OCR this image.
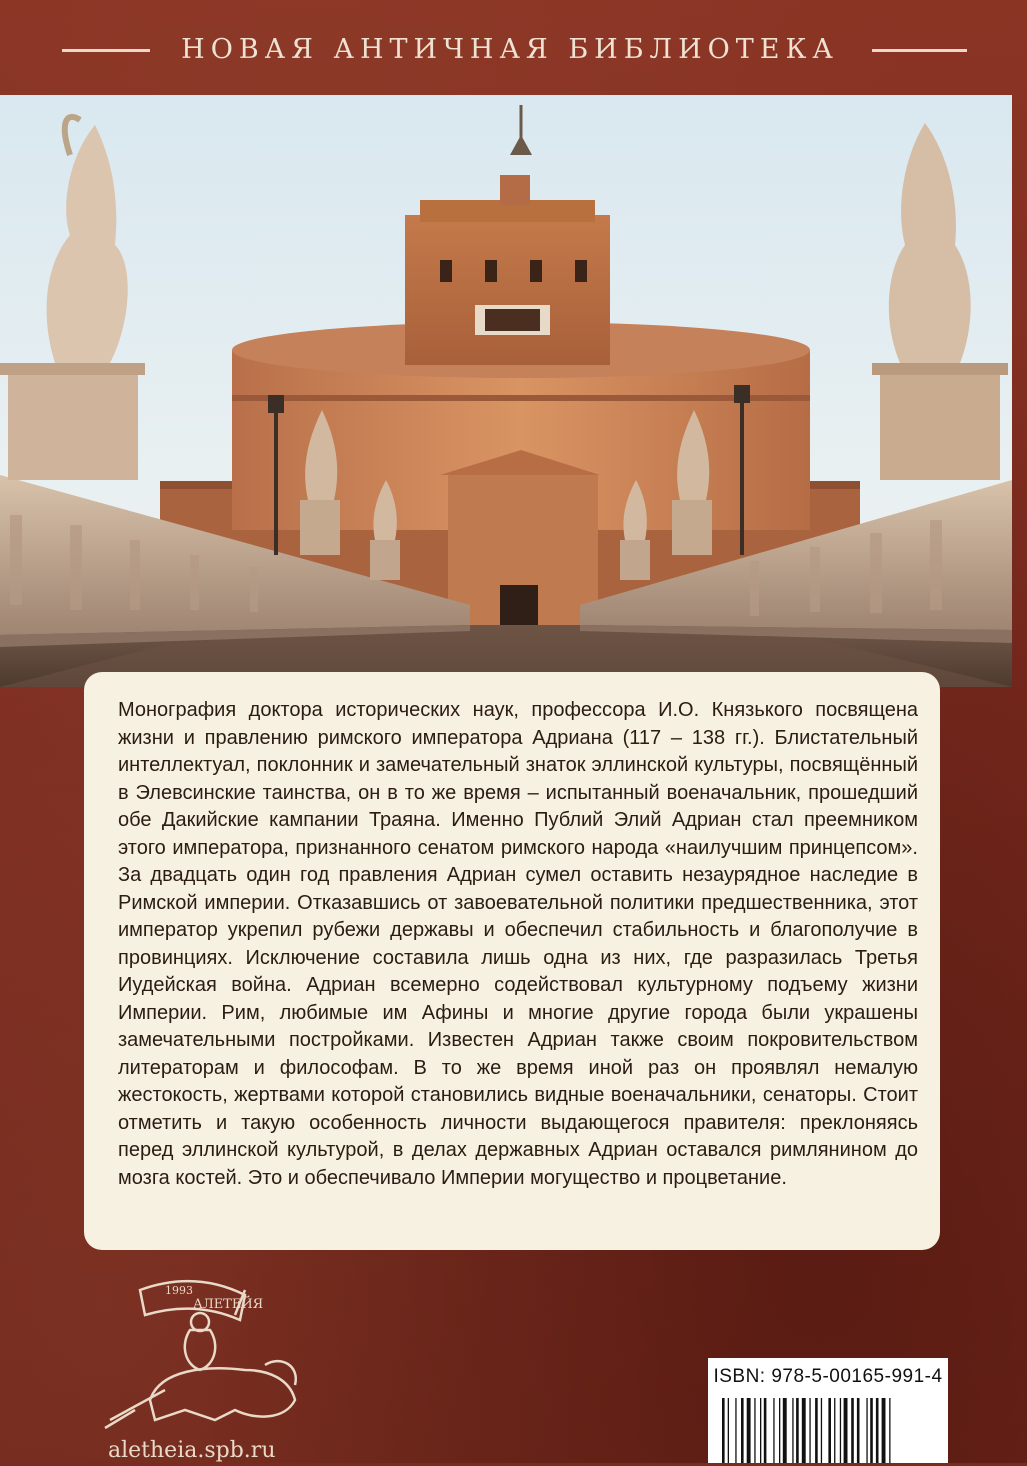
НОВАЯ АНТИЧНАЯ БИБЛИОТЕКА

Монография доктора исторических наук, профессора И.О. Князького посвящена жизни и правлению римского императора Адриана (117 – 138 гг.). Блистательный интеллектуал, поклонник и замечательный знаток эллинской культуры, посвящённый в Элевсинские таинства, он в то же время – испытанный военачальник, прошедший обе Дакийские кампании Траяна. Именно Публий Элий Адриан стал преемником этого императора, признанного сенатом римского народа «наилучшим принцепсом». За двадцать один год правления Адриан сумел оставить незаурядное наследие в Римской империи. Отказавшись от завоевательной политики предшественника, этот император укрепил рубежи державы и обеспечил стабильность и благополучие в провинциях. Исключение составила лишь одна из них, где разразилась Третья Иудейская война. Адриан всемерно содействовал культурному подъему жизни Империи. Рим, любимые им Афины и многие другие города были украшены замечательными постройками. Известен Адриан также своим покровительством литераторам и философам. В то же время иной раз он проявлял немалую жестокость, жертвами которой становились видные военачальники, сенаторы. Стоит отметить и такую особенность личности выдающегося правителя: преклоняясь перед эллинской культурой, в делах державных Адриан оставался римлянином до мозга костей. Это и обеспечивало Империи могущество и процветание.

1993
АЛЕТЕЙЯ
aletheia.spb.ru
ISBN: 978-5-00165-991-4
